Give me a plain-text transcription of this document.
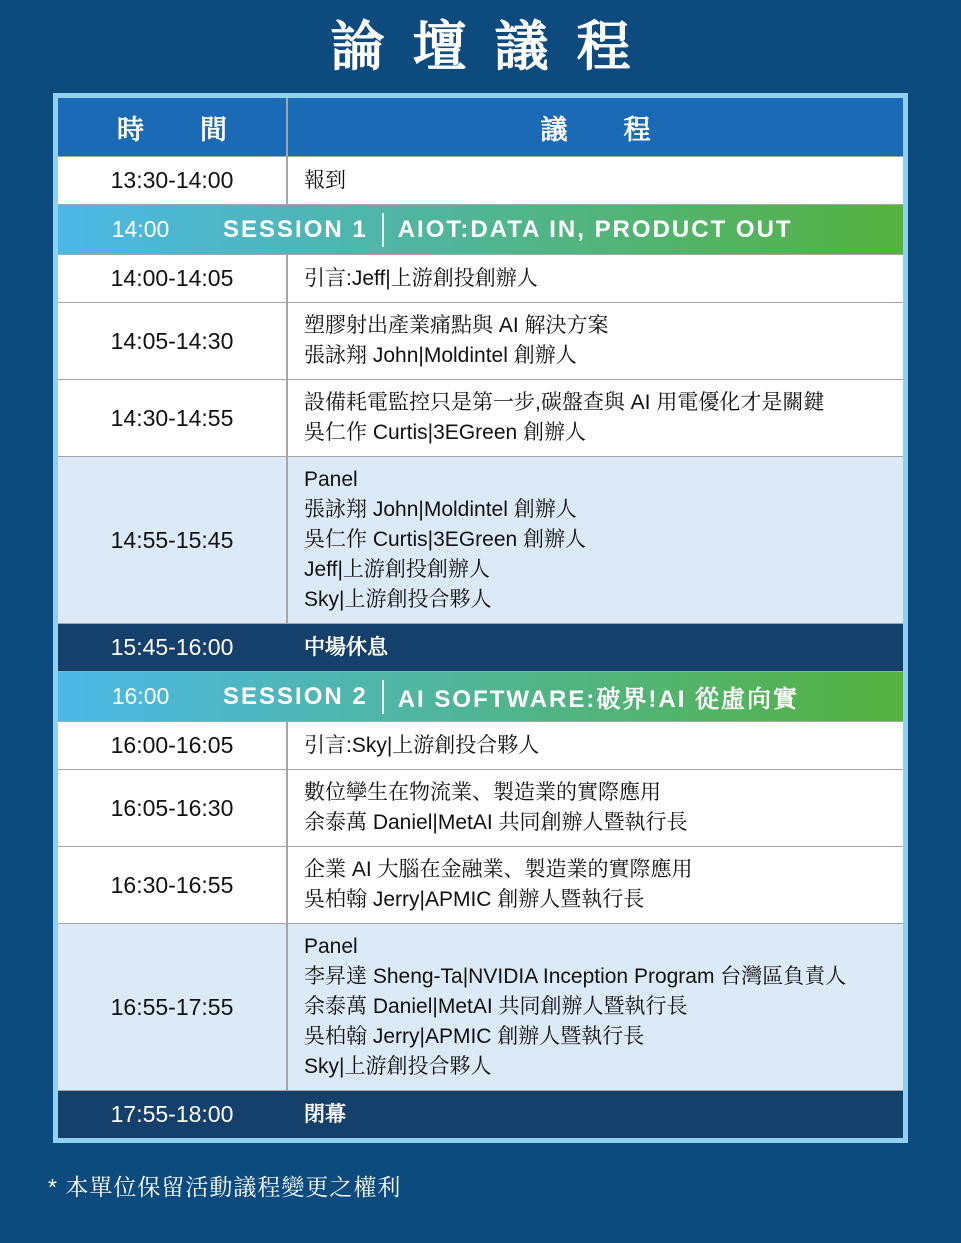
論壇議程
時間	議程
13:30-14:00	報到
14:00	SESSION 1 AIOT:DATA IN, PRODUCT OUT
14:00-14:05	引言:Jeff|上游創投創辦人
14:05-14:30
塑膠射出產業痛點與 AI 解決方案
張詠翔 John|Moldintel 創辦人
14:30-14:55
設備耗電監控只是第一步,碳盤查與 AI 用電優化才是關鍵
吳仁作 Curtis|3EGreen 創辦人
14:55-15:45
Panel
張詠翔 John|Moldintel 創辦人
吳仁作 Curtis|3EGreen 創辦人
Jeff|上游創投創辦人
Sky|上游創投合夥人
15:45-16:00	中場休息
16:00	SESSION 2 AI SOFTWARE:破界!AI 從虛向實
16:00-16:05	引言:Sky|上游創投合夥人
16:05-16:30
數位孿生在物流業、製造業的實際應用
余泰萬 Daniel|MetAI 共同創辦人暨執行長
16:30-16:55
企業 AI 大腦在金融業、製造業的實際應用
吳柏翰 Jerry|APMIC 創辦人暨執行長
16:55-17:55
Panel
李昇達 Sheng-Ta|NVIDIA Inception Program 台灣區負責人
余泰萬 Daniel|MetAI 共同創辦人暨執行長
吳柏翰 Jerry|APMIC 創辦人暨執行長
Sky|上游創投合夥人
17:55-18:00	閉幕
* 本單位保留活動議程變更之權利
